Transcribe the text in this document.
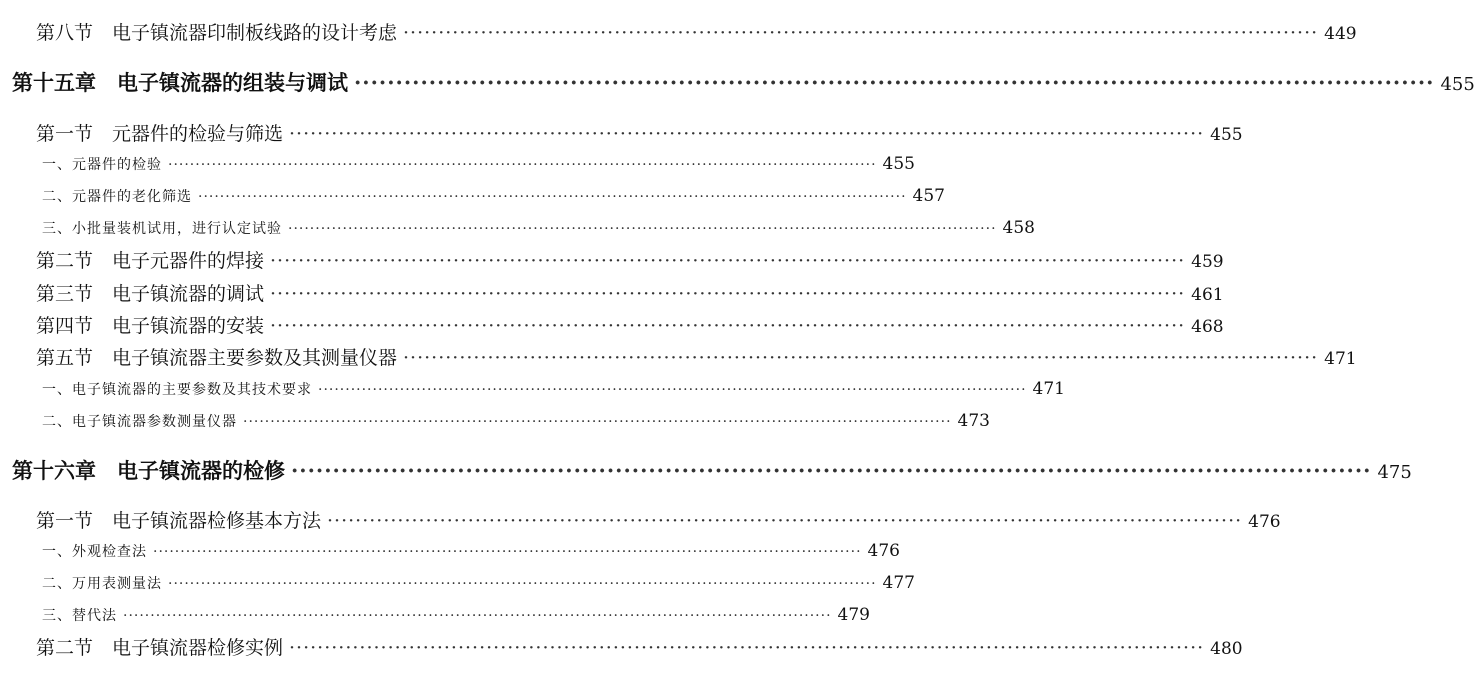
第八节　电子镇流器印制板线路的设计考虑 ·····	449
第十五章　电子镇流器的组装与调试 ·····	455
第一节　元器件的检验与筛选 ·····	455
一、元器件的检验 ·····	455
二、元器件的老化筛选 ·····	457
三、小批量装机试用，进行认定试验 ·····	458
第二节　电子元器件的焊接 ·····	459
第三节　电子镇流器的调试 ·····	461
第四节　电子镇流器的安装 ·····	468
第五节　电子镇流器主要参数及其测量仪器 ·····	471
一、电子镇流器的主要参数及其技术要求 ·····	471
二、电子镇流器参数测量仪器 ·····	473
第十六章　电子镇流器的检修 ·····	475
第一节　电子镇流器检修基本方法 ·····	476
一、外观检查法 ·····	476
二、万用表测量法 ·····	477
三、替代法 ·····	479
第二节　电子镇流器检修实例 ·····	480
